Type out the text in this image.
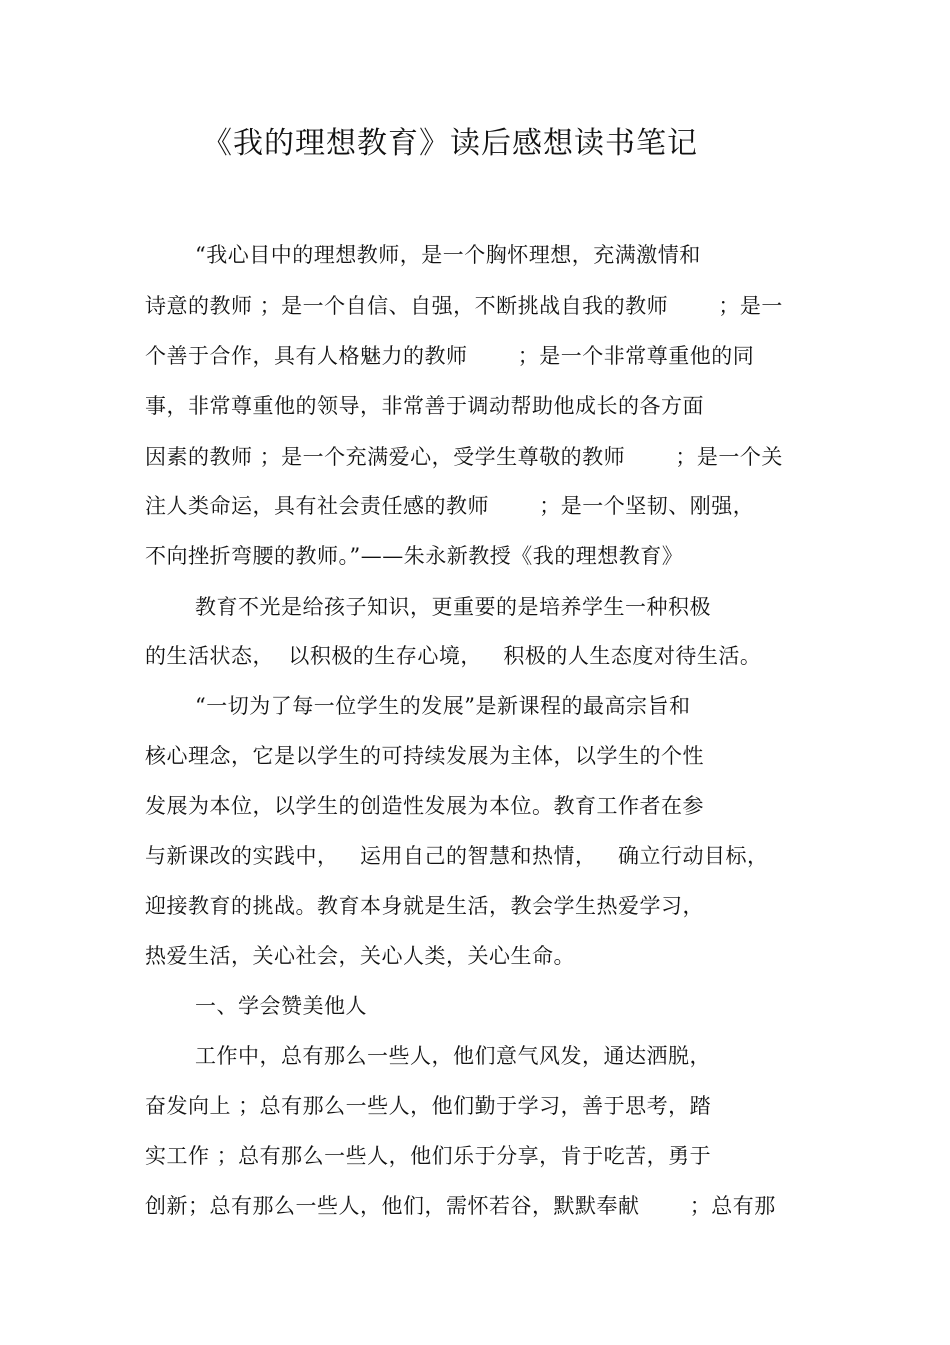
《我的理想教育》读后感想读书笔记
“我心目中的理想教师，是一个胸怀理想，充满激情和
诗意的教师 ；是一个自信、自强，不断挑战自我的教师       ；是一
个善于合作，具有人格魅力的教师       ；是一个非常尊重他的同
事，非常尊重他的领导，非常善于调动帮助他成长的各方面
因素的教师 ；是一个充满爱心，受学生尊敬的教师       ；是一个关
注人类命运，具有社会责任感的教师       ；是一个坚韧、刚强，
不向挫折弯腰的教师。”——朱永新教授《我的理想教育》
教育不光是给孩子知识，更重要的是培养学生一种积极
的生活状态，  以积极的生存心境，   积极的人生态度对待生活。
“一切为了每一位学生的发展”是新课程的最高宗旨和
核心理念，它是以学生的可持续发展为主体，以学生的个性
发展为本位，以学生的创造性发展为本位。教育工作者在参
与新课改的实践中，   运用自己的智慧和热情，   确立行动目标，
迎接教育的挑战。教育本身就是生活，教会学生热爱学习，
热爱生活，关心社会，关心人类，关心生命。
一、学会赞美他人
工作中，总有那么一些人，他们意气风发，通达洒脱，
奋发向上 ；总有那么一些人，他们勤于学习，善于思考，踏
实工作 ；总有那么一些人，他们乐于分享，肯于吃苦，勇于
创新；总有那么一些人，他们，需怀若谷，默默奉献       ；总有那
